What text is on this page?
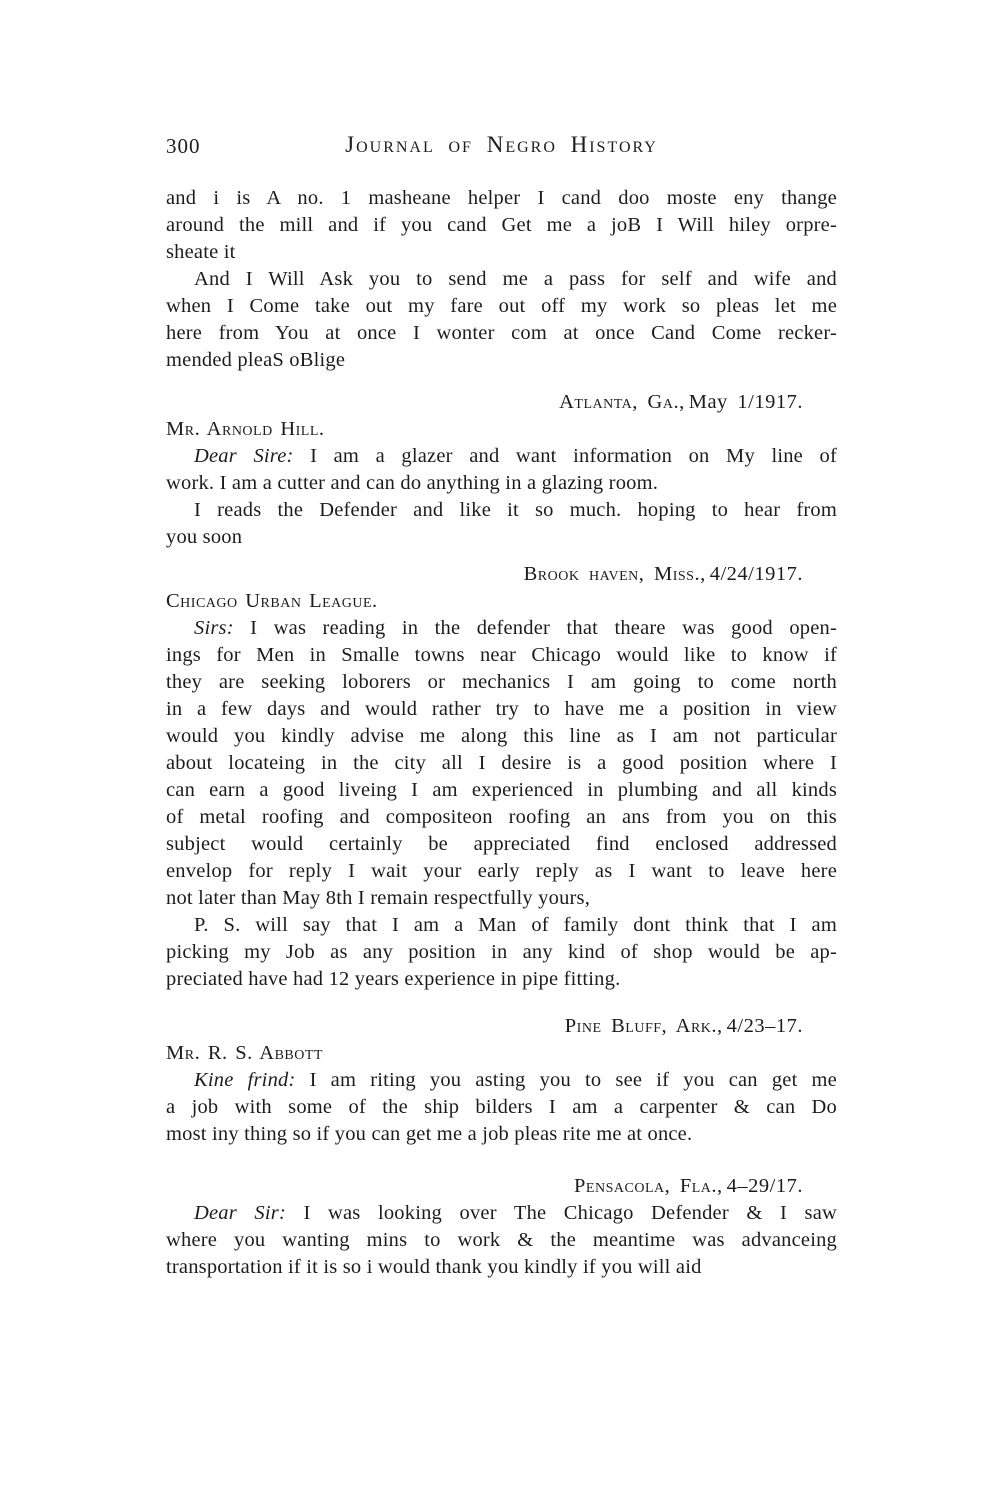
300	Journal of Negro History
and i is A no. 1 masheane helper I cand doo moste eny thange
around the mill and if you cand Get me a joB I Will hiley orpre-
sheate it
And I Will Ask you to send me a pass for self and wife and
when I Come take out my fare out off my work so pleas let me
here from You at once I wonter com at once Cand Come recker-
mended pleaS oBlige
Atlanta, Ga., May 1/1917.
Mr. Arnold Hill.
Dear Sire: I am a glazer and want information on My line of
work. I am a cutter and can do anything in a glazing room.
I reads the Defender and like it so much. hoping to hear from
you soon
Brook haven, Miss., 4/24/1917.
Chicago Urban League.
Sirs: I was reading in the defender that theare was good open-
ings for Men in Smalle towns near Chicago would like to know if
they are seeking loborers or mechanics I am going to come north
in a few days and would rather try to have me a position in view
would you kindly advise me along this line as I am not particular
about locateing in the city all I desire is a good position where I
can earn a good liveing I am experienced in plumbing and all kinds
of metal roofing and compositeon roofing an ans from you on this
subject would certainly be appreciated find enclosed addressed
envelop for reply I wait your early reply as I want to leave here
not later than May 8th I remain respectfully yours,
P. S. will say that I am a Man of family dont think that I am
picking my Job as any position in any kind of shop would be ap-
preciated have had 12 years experience in pipe fitting.
Pine Bluff, Ark., 4/23–17.
Mr. R. S. Abbott
Kine frind: I am riting you asting you to see if you can get me
a job with some of the ship bilders I am a carpenter & can Do
most iny thing so if you can get me a job pleas rite me at once.
Pensacola, Fla., 4–29/17.
Dear Sir: I was looking over The Chicago Defender & I saw
where you wanting mins to work & the meantime was advanceing
transportation if it is so i would thank you kindly if you will aid
